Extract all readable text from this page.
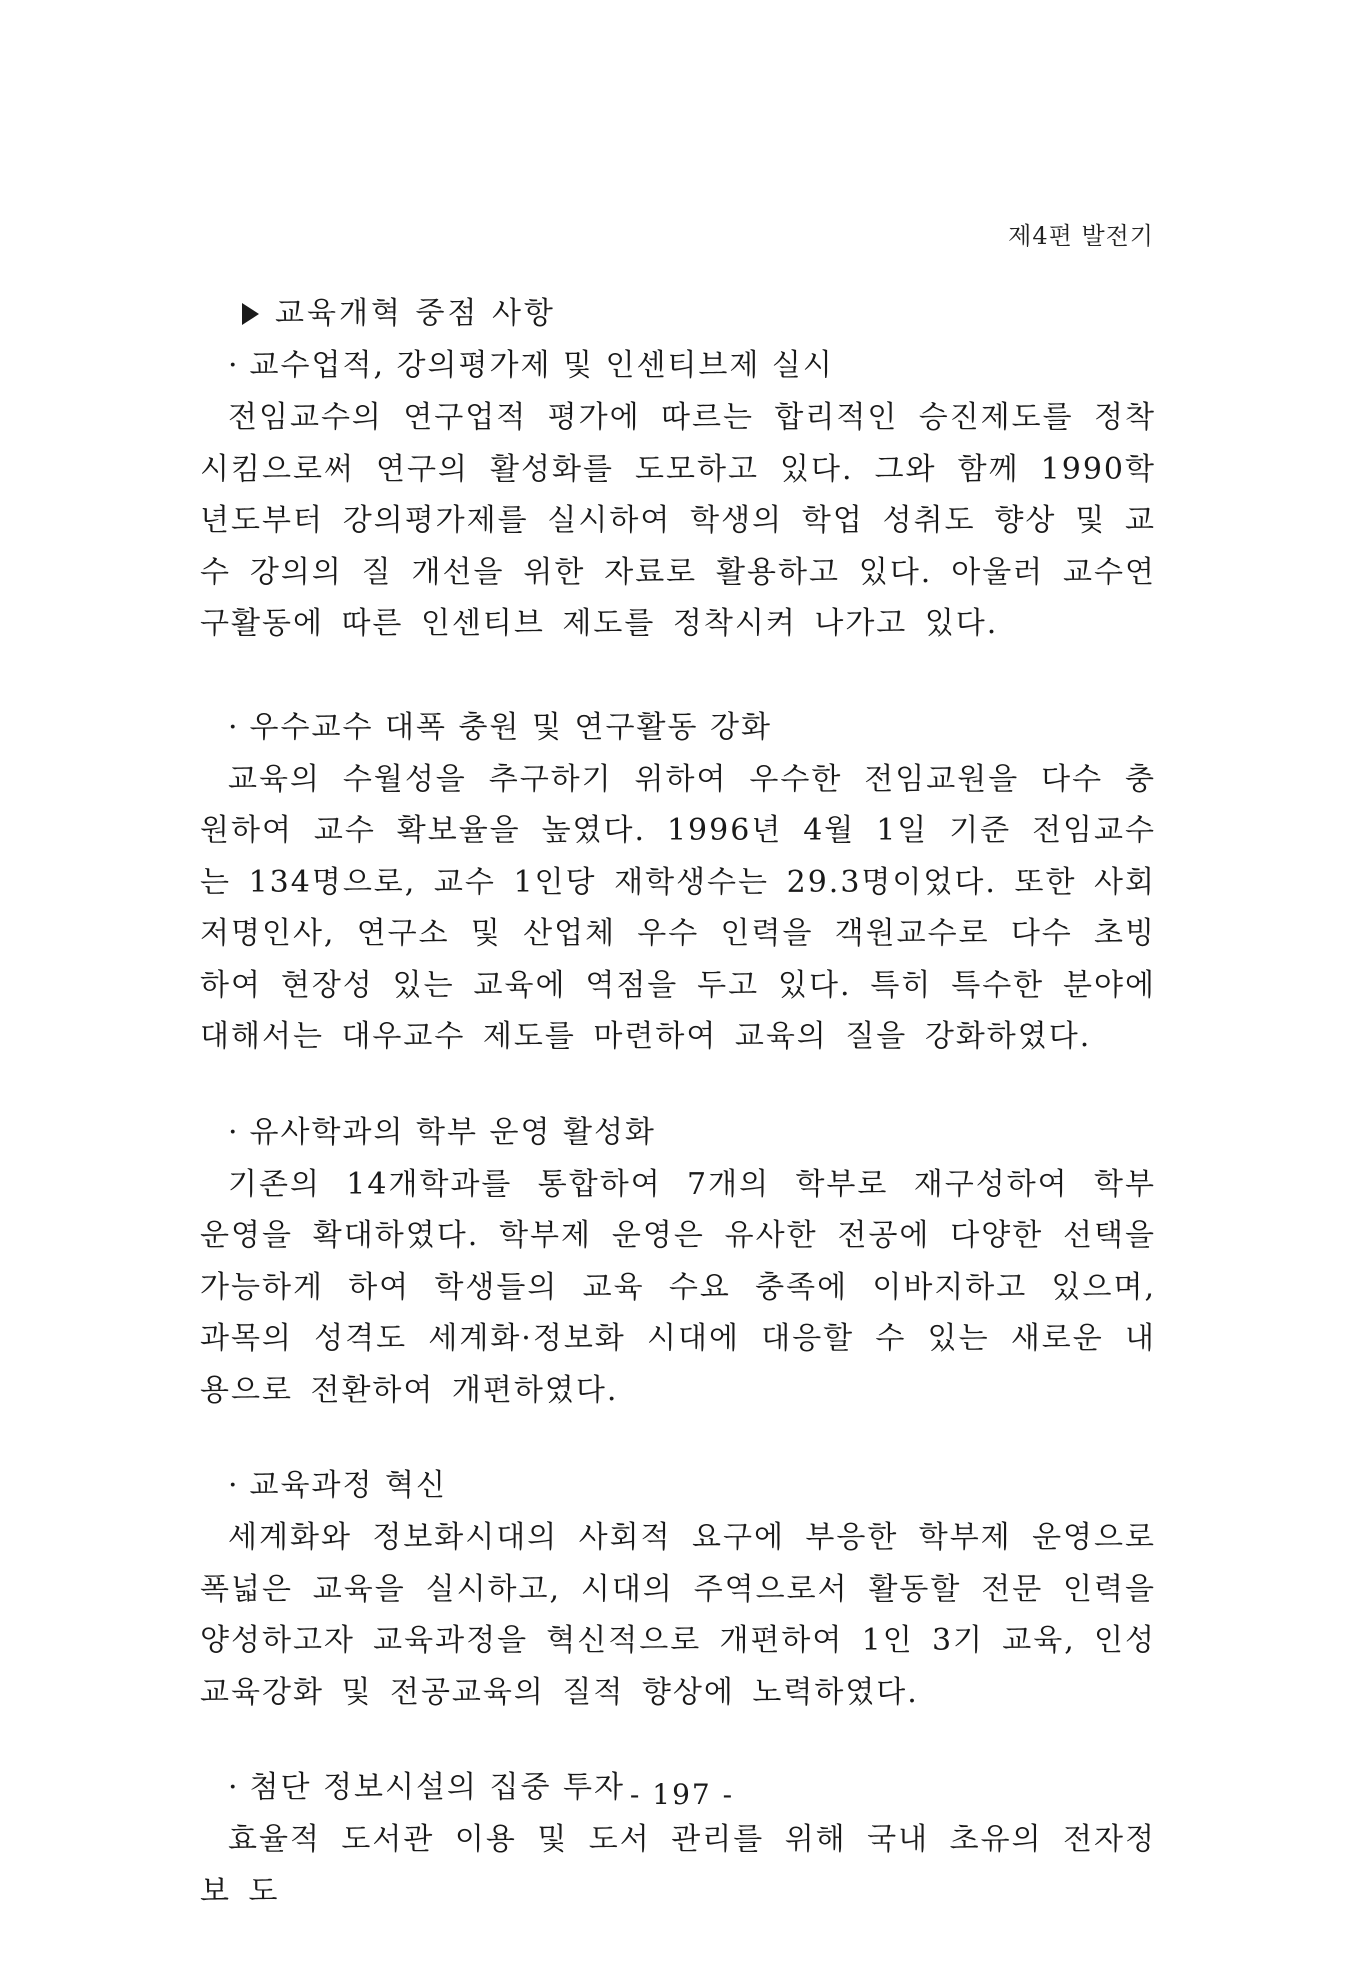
제4편 발전기
교육개혁 중점 사항
· 교수업적, 강의평가제 및 인센티브제 실시
전임교수의 연구업적 평가에 따르는 합리적인 승진제도를 정착시킴으로써 연구의 활성화를 도모하고 있다. 그와 함께 1990학년도부터 강의평가제를 실시하여 학생의 학업 성취도 향상 및 교수 강의의 질 개선을 위한 자료로 활용하고 있다. 아울러 교수연구활동에 따른 인센티브 제도를 정착시켜 나가고 있다.
· 우수교수 대폭 충원 및 연구활동 강화
교육의 수월성을 추구하기 위하여 우수한 전임교원을 다수 충원하여 교수 확보율을 높였다. 1996년 4월 1일 기준 전임교수는 134명으로, 교수 1인당 재학생수는 29.3명이었다. 또한 사회 저명인사, 연구소 및 산업체 우수 인력을 객원교수로 다수 초빙하여 현장성 있는 교육에 역점을 두고 있다. 특히 특수한 분야에 대해서는 대우교수 제도를 마련하여 교육의 질을 강화하였다.
· 유사학과의 학부 운영 활성화
기존의 14개학과를 통합하여 7개의 학부로 재구성하여 학부 운영을 확대하였다. 학부제 운영은 유사한 전공에 다양한 선택을 가능하게 하여 학생들의 교육 수요 충족에 이바지하고 있으며, 과목의 성격도 세계화·정보화 시대에 대응할 수 있는 새로운 내용으로 전환하여 개편하였다.
· 교육과정 혁신
세계화와 정보화시대의 사회적 요구에 부응한 학부제 운영으로 폭넓은 교육을 실시하고, 시대의 주역으로서 활동할 전문 인력을 양성하고자 교육과정을 혁신적으로 개편하여 1인 3기 교육, 인성 교육강화 및 전공교육의 질적 향상에 노력하였다.
· 첨단 정보시설의 집중 투자
효율적 도서관 이용 및 도서 관리를 위해 국내 초유의 전자정보 도
- 197 -
